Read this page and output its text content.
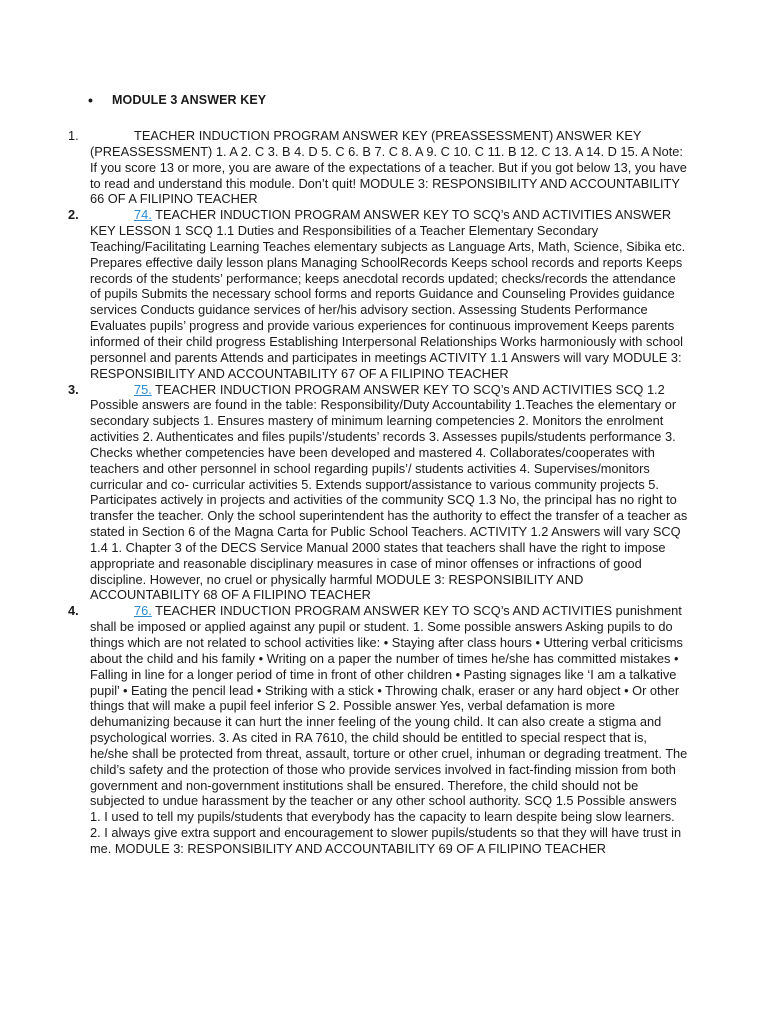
• MODULE 3 ANSWER KEY
1.	TEACHER INDUCTION PROGRAM ANSWER KEY (PREASSESSMENT) ANSWER KEY (PREASSESSMENT) 1. A 2. C 3. B 4. D 5. C 6. B 7. C 8. A 9. C 10. C 11. B 12. C 13. A 14. D 15. A Note: If you score 13 or more, you are aware of the expectations of a teacher. But if you got below 13, you have to read and understand this module. Don’t quit! MODULE 3: RESPONSIBILITY AND ACCOUNTABILITY 66 OF A FILIPINO TEACHER
2.	74. TEACHER INDUCTION PROGRAM ANSWER KEY TO SCQ’s AND ACTIVITIES ANSWER KEY LESSON 1 SCQ 1.1 Duties and Responsibilities of a Teacher Elementary Secondary Teaching/Facilitating Learning Teaches elementary subjects as Language Arts, Math, Science, Sibika etc. Prepares effective daily lesson plans Managing SchoolRecords Keeps school records and reports Keeps records of the students’ performance; keeps anecdotal records updated; checks/records the attendance of pupils Submits the necessary school forms and reports Guidance and Counseling Provides guidance services Conducts guidance services of her/his advisory section. Assessing Students Performance Evaluates pupils’ progress and provide various experiences for continuous improvement Keeps parents informed of their child progress Establishing Interpersonal Relationships Works harmoniously with school personnel and parents Attends and participates in meetings ACTIVITY 1.1 Answers will vary MODULE 3: RESPONSIBILITY AND ACCOUNTABILITY 67 OF A FILIPINO TEACHER
3.	75. TEACHER INDUCTION PROGRAM ANSWER KEY TO SCQ’s AND ACTIVITIES SCQ 1.2 Possible answers are found in the table: Responsibility/Duty Accountability 1.Teaches the elementary or secondary subjects 1. Ensures mastery of minimum learning competencies 2. Monitors the enrolment activities 2. Authenticates and files pupils’/students’ records 3. Assesses pupils/students performance 3. Checks whether competencies have been developed and mastered 4. Collaborates/cooperates with teachers and other personnel in school regarding pupils’/ students activities 4. Supervises/monitors curricular and co- curricular activities 5. Extends support/assistance to various community projects 5. Participates actively in projects and activities of the community SCQ 1.3 No, the principal has no right to transfer the teacher. Only the school superintendent has the authority to effect the transfer of a teacher as stated in Section 6 of the Magna Carta for Public School Teachers. ACTIVITY 1.2 Answers will vary SCQ 1.4 1. Chapter 3 of the DECS Service Manual 2000 states that teachers shall have the right to impose appropriate and reasonable disciplinary measures in case of minor offenses or infractions of good discipline. However, no cruel or physically harmful MODULE 3: RESPONSIBILITY AND ACCOUNTABILITY 68 OF A FILIPINO TEACHER
4.	76. TEACHER INDUCTION PROGRAM ANSWER KEY TO SCQ’s AND ACTIVITIES punishment shall be imposed or applied against any pupil or student. 1. Some possible answers Asking pupils to do things which are not related to school activities like: • Staying after class hours • Uttering verbal criticisms about the child and his family • Writing on a paper the number of times he/she has committed mistakes • Falling in line for a longer period of time in front of other children • Pasting signages like ‘I am a talkative pupil’ • Eating the pencil lead • Striking with a stick • Throwing chalk, eraser or any hard object • Or other things that will make a pupil feel inferior S 2. Possible answer Yes, verbal defamation is more dehumanizing because it can hurt the inner feeling of the young child. It can also create a stigma and psychological worries. 3. As cited in RA 7610, the child should be entitled to special respect that is, he/she shall be protected from threat, assault, torture or other cruel, inhuman or degrading treatment. The child’s safety and the protection of those who provide services involved in fact-finding mission from both government and non-government institutions shall be ensured. Therefore, the child should not be subjected to undue harassment by the teacher or any other school authority. SCQ 1.5 Possible answers 1. I used to tell my pupils/students that everybody has the capacity to learn despite being slow learners. 2. I always give extra support and encouragement to slower pupils/students so that they will have trust in me. MODULE 3: RESPONSIBILITY AND ACCOUNTABILITY 69 OF A FILIPINO TEACHER
